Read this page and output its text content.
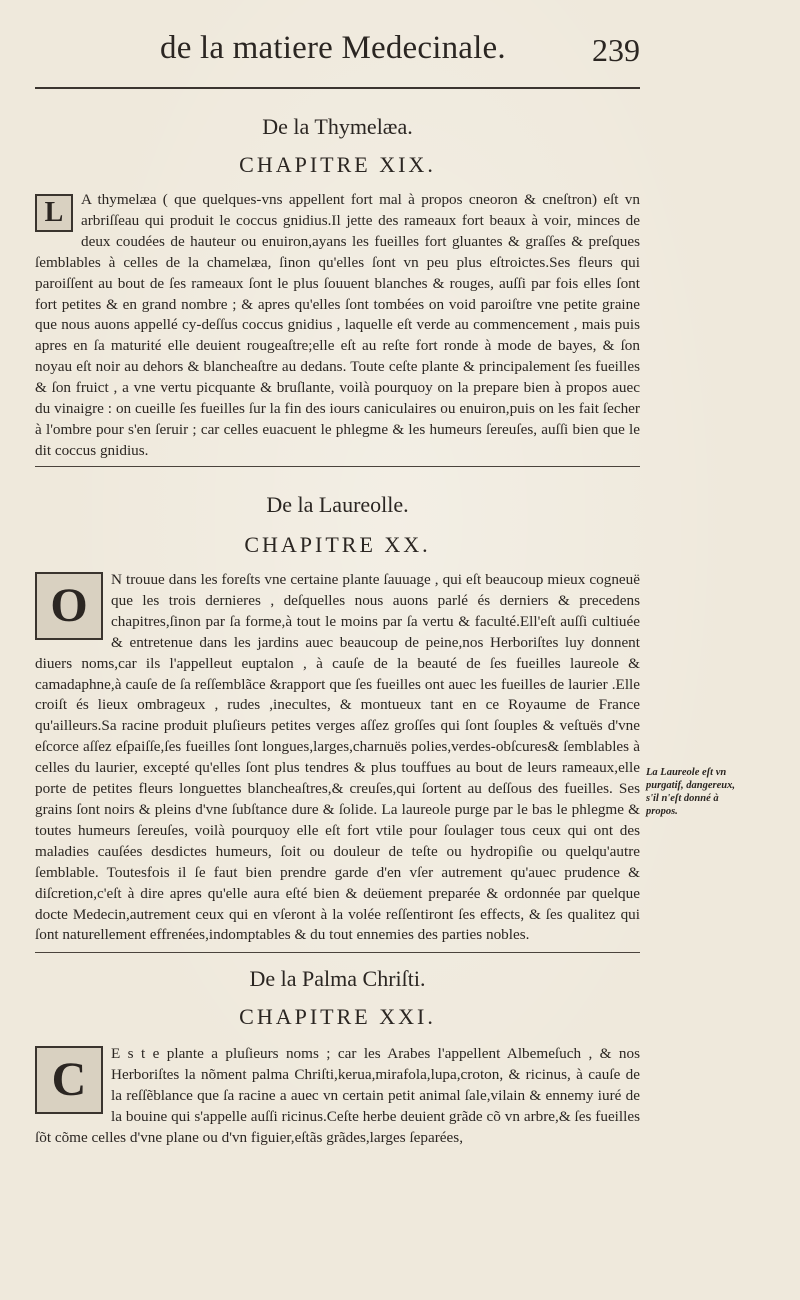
de la matiere Medecinale.	239
De la Thymelæa.
CHAPITRE XIX.
L	A thymelæa ( que quelques-vns appellent fort mal à propos cneoron & cneſtron) eſt vn arbriſſeau qui produit le coccus gnidius.Il jette des rameaux fort beaux à voir, minces de deux coudées de hauteur ou enuiron,ayans les fueilles fort gluantes & graſſes & preſques ſemblables à celles de la chamelæa, ſinon qu'elles ſont vn peu plus eſtroictes.Ses fleurs qui paroiſſent au bout de ſes rameaux ſont le plus ſouuent blanches & rouges, auſſi par fois elles ſont fort petites & en grand nombre ; & apres qu'elles ſont tombées on void paroiſtre vne petite graine que nous auons appellé cy-deſſus coccus gnidius , laquelle eſt verde au commencement , mais puis apres en ſa maturité elle deuient rougeaſtre;elle eſt au reſte fort ronde à mode de bayes, & ſon noyau eſt noir au dehors & blancheaſtre au dedans. Toute ceſte plante & principalement ſes fueilles & ſon fruict , a vne vertu picquante & bruſlante, voilà pourquoy on la prepare bien à propos auec du vinaigre : on cueille ſes fueilles ſur la fin des iours caniculaires ou enuiron,puis on les fait ſecher à l'ombre pour s'en ſeruir ; car celles euacuent le phlegme & les humeurs ſereuſes, auſſi bien que le dit coccus gnidius.

De la Laureolle.
CHAPITRE XX.
O	N trouue dans les foreſts vne certaine plante ſauuage , qui eſt beaucoup mieux cogneuë que les trois dernieres , deſquelles nous auons parlé és derniers & precedens chapitres,ſinon par ſa forme,à tout le moins par ſa vertu & faculté.Ell'eſt auſſi cultiuée & entretenue dans les jardins auec beaucoup de peine,nos Herboriſtes luy donnent diuers noms,car ils l'appelleut euptalon , à cauſe de la beauté de ſes fueilles laureole & camadaphne,à cauſe de ſa reſſemblãce &rapport que ſes fueilles ont auec les fueilles de laurier .Elle croiſt és lieux ombrageux , rudes ,inecultes, & montueux tant en ce Royaume de France qu'ailleurs.Sa racine produit pluſieurs petites verges aſſez groſſes qui ſont ſouples & veſtuës d'vne eſcorce aſſez eſpaiſſe,ſes fueilles ſont longues,larges,charnuës polies,verdes-obſcures& ſemblables à celles du laurier, excepté qu'elles ſont plus tendres & plus touffues au bout de leurs rameaux,elle porte de petites fleurs longuettes blancheaſtres,& creuſes,qui ſortent au deſſous des fueilles. Ses grains ſont noirs & pleins d'vne ſubſtance dure & ſolide. La laureole purge par le bas le phlegme & toutes humeurs ſereuſes, voilà pourquoy elle eſt fort vtile pour ſoulager tous ceux qui ont des maladies cauſées desdictes humeurs, ſoit ou douleur de teſte ou hydropiſie ou quelqu'autre ſemblable. Toutesfois il ſe faut bien prendre garde d'en vſer autrement qu'auec prudence & diſcretion,c'eſt à dire apres qu'elle aura eſté bien & deüement preparée & ordonnée par quelque docte Medecin,autrement ceux qui en vſeront à la volée reſſentiront ſes effects, & ſes qualitez qui ſont naturellement effrenées,indomptables & du tout ennemies des parties nobles.

La Laureole eſt vn purgatif, dangereux, s'il n'eſt donné à propos.
De la Palma Chriſti.
CHAPITRE XXI.
C	E s t e plante a pluſieurs noms ; car les Arabes l'appellent Albemeſuch , & nos Herboriſtes la nõment palma Chriſti,kerua,mirafola,lupa,croton, & ricinus, à cauſe de la reſſẽblance que ſa racine a auec vn certain petit animal ſale,vilain & ennemy iuré de la bouine qui s'appelle auſſi ricinus.Ceſte herbe deuient grãde cõ vn arbre,& ſes fueilles ſõt cõme celles d'vne plane ou d'vn figuier,eſtãs grãdes,larges ſeparées,
